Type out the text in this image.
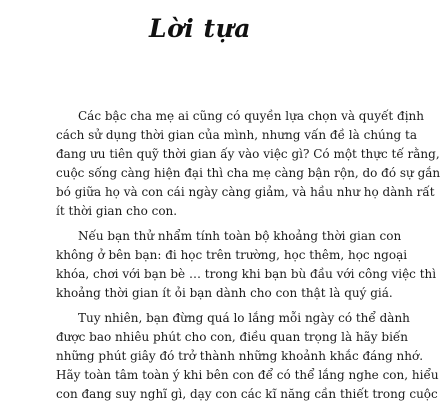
Lời tựa
Các bậc cha mẹ ai cũng có quyền lựa chọn và quyết định
cách sử dụng thời gian của mình, nhưng vấn đề là chúng ta
đang ưu tiên quỹ thời gian ấy vào việc gì? Có một thực tế rằng,
cuộc sống càng hiện đại thì cha mẹ càng bận rộn, do đó sự gắn
bó giữa họ và con cái ngày càng giảm, và hầu như họ dành rất
ít thời gian cho con.
Nếu bạn thử nhẩm tính toàn bộ khoảng thời gian con
không ở bên bạn: đi học trên trường, học thêm, học ngoại
khóa, chơi với bạn bè … trong khi bạn bù đầu với công việc thì
khoảng thời gian ít ỏi bạn dành cho con thật là quý giá.
Tuy nhiên, bạn đừng quá lo lắng mỗi ngày có thể dành
được bao nhiêu phút cho con, điều quan trọng là hãy biến
những phút giây đó trở thành những khoảnh khắc đáng nhớ.
Hãy toàn tâm toàn ý khi bên con để có thể lắng nghe con, hiểu
con đang suy nghĩ gì, dạy con các kĩ năng cần thiết trong cuộc
